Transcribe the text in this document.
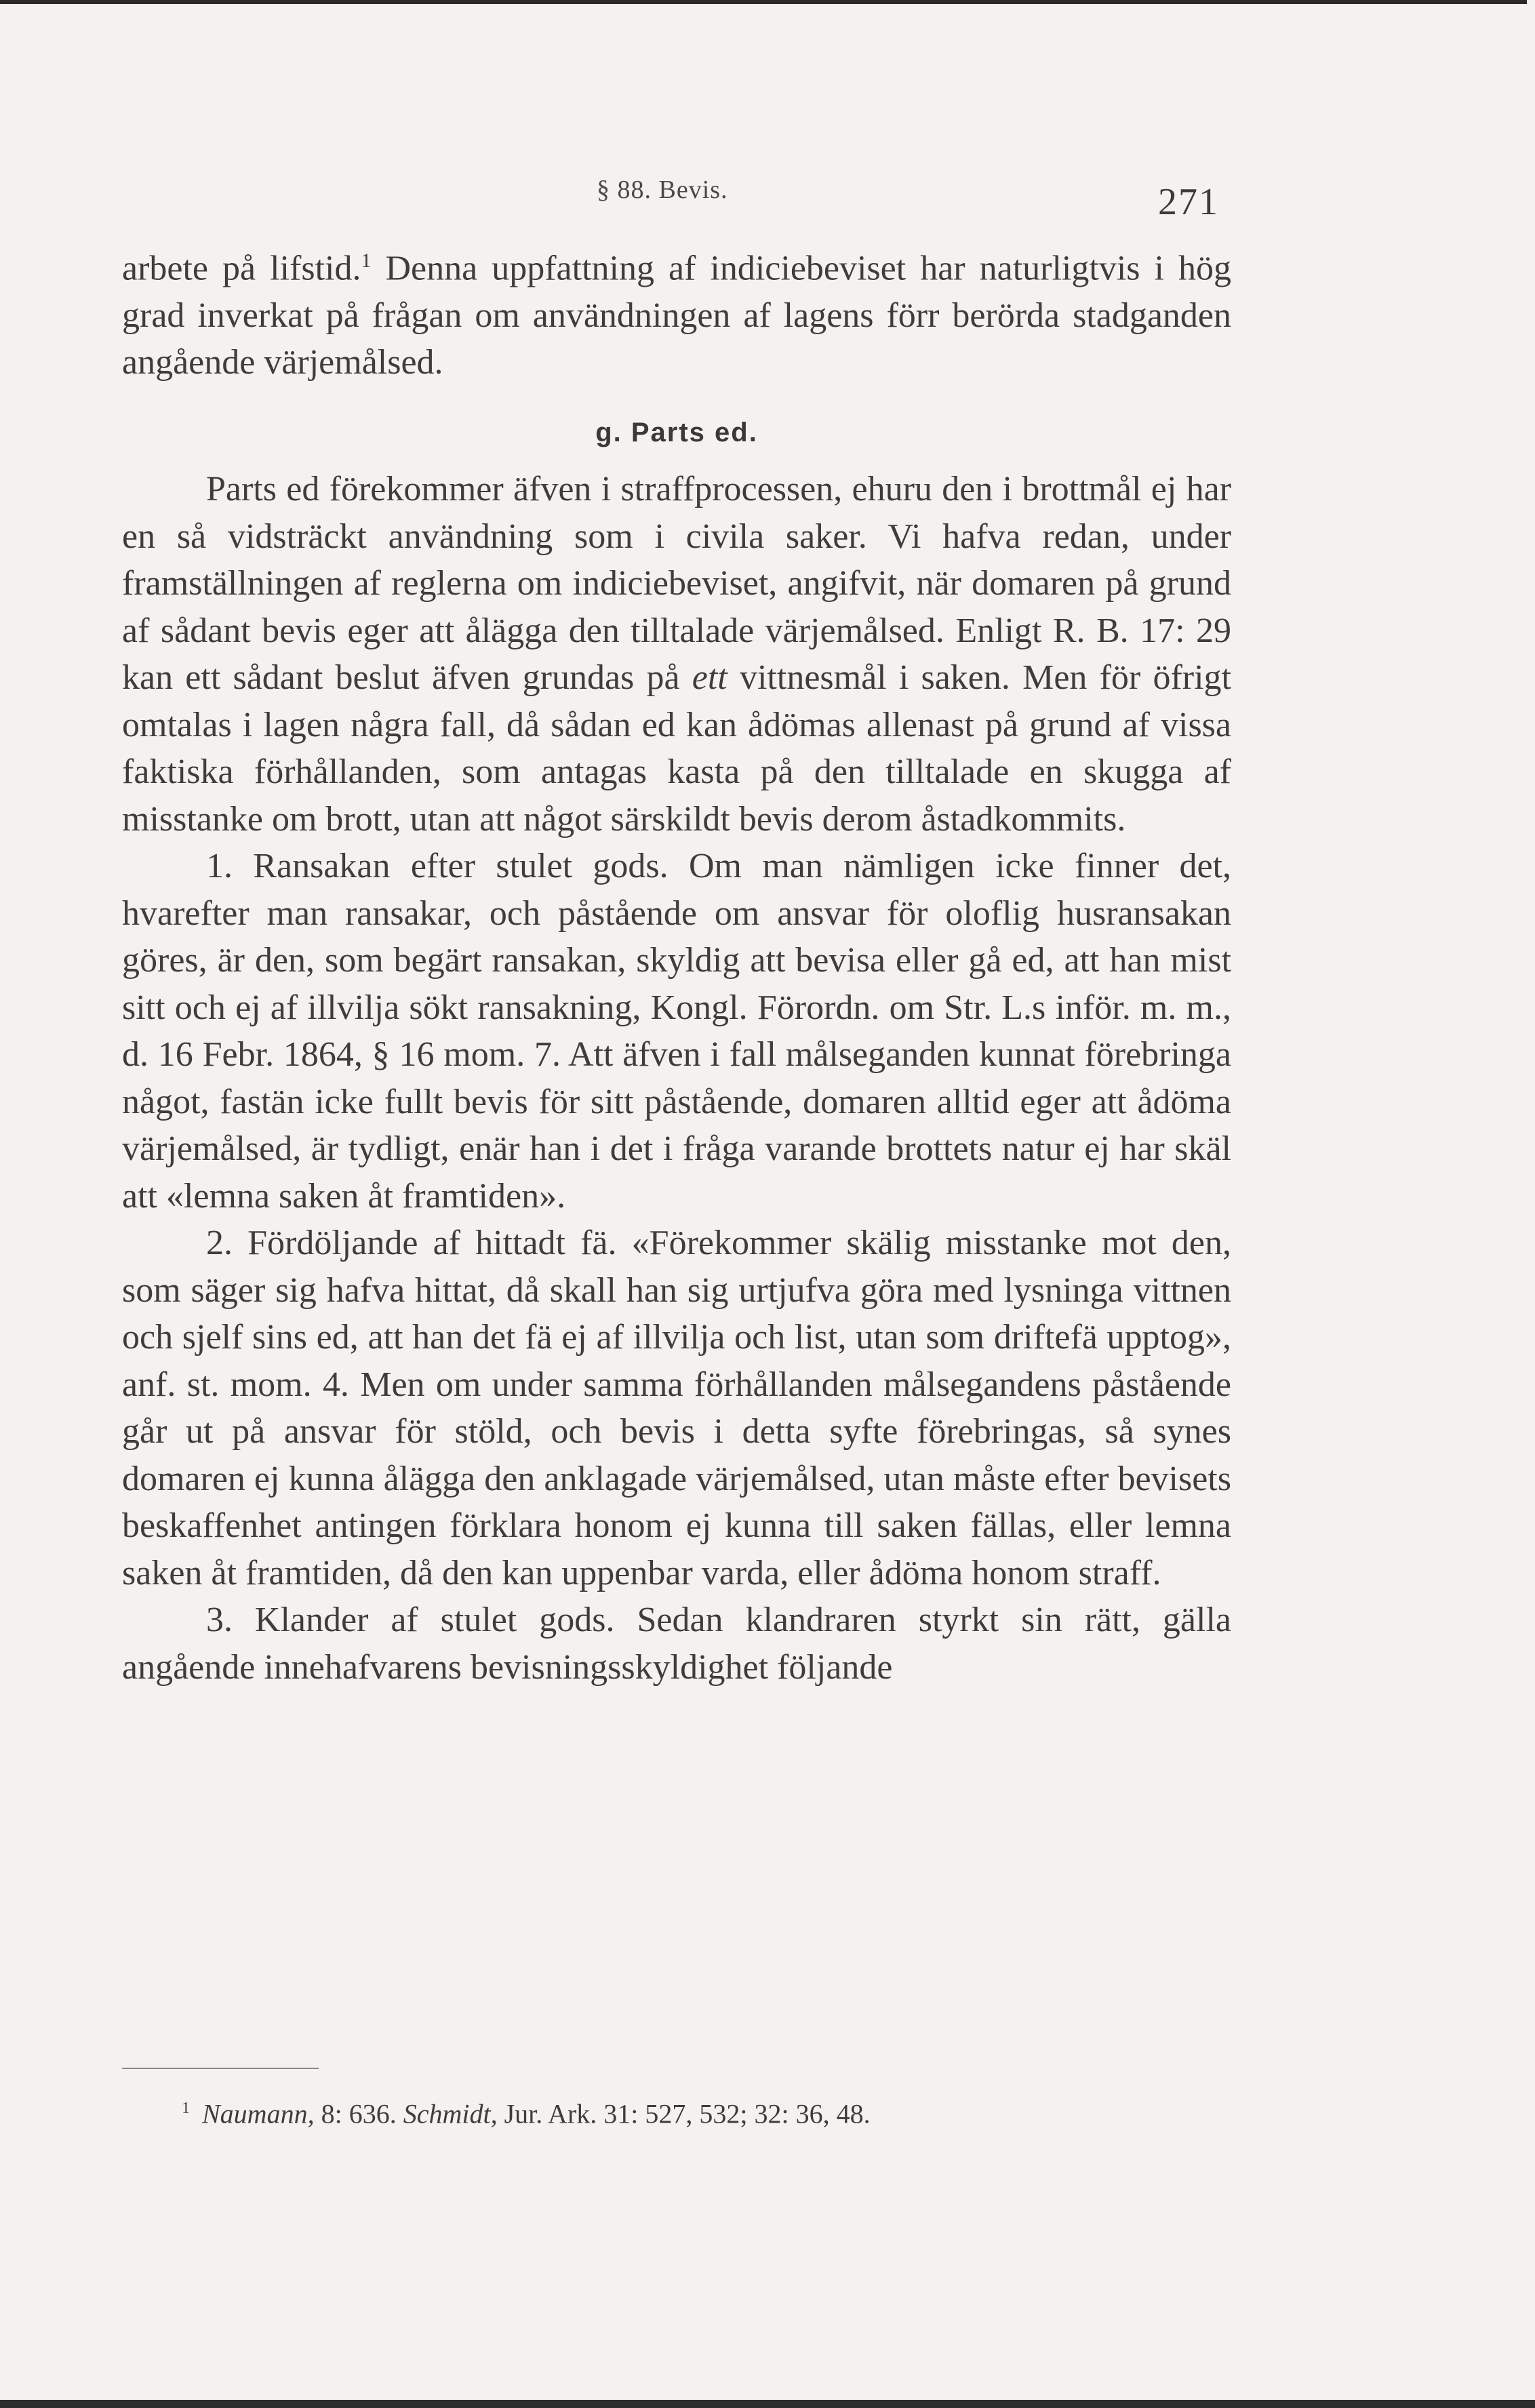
§ 88. Bevis.	271

arbete på lifstid.$^1$ Denna uppfattning af indiciebeviset har naturligtvis i hög grad inverkat på frågan om användningen af lagens förr berörda stadganden angående värjemålsed.

g. Parts ed.

Parts ed förekommer äfven i straffprocessen, ehuru den i brottmål ej har en så vidsträckt användning som i civila saker. Vi hafva redan, under framställningen af reglerna om indiciebeviset, angifvit, när domaren på grund af sådant bevis eger att ålägga den tilltalade värjemålsed. Enligt R. B. 17: 29 kan ett sådant beslut äfven grundas på ett vittnesmål i saken. Men för öfrigt omtalas i lagen några fall, då sådan ed kan ådömas allenast på grund af vissa faktiska förhållanden, som antagas kasta på den tilltalade en skugga af misstanke om brott, utan att något särskildt bevis derom åstadkommits.

1. Ransakan efter stulet gods. Om man nämligen icke finner det, hvarefter man ransakar, och påstående om ansvar för oloflig husransakan göres, är den, som begärt ransakan, skyldig att bevisa eller gå ed, att han mist sitt och ej af illvilja sökt ransakning, Kongl. Förordn. om Str. L.s inför. m. m., d. 16 Febr. 1864, § 16 mom. 7. Att äfven i fall målseganden kunnat förebringa något, fastän icke fullt bevis för sitt påstående, domaren alltid eger att ådöma värjemålsed, är tydligt, enär han i det i fråga varande brottets natur ej har skäl att «lemna saken åt framtiden».

2. Fördöljande af hittadt fä. «Förekommer skälig misstanke mot den, som säger sig hafva hittat, då skall han sig urtjufva göra med lysninga vittnen och sjelf sins ed, att han det fä ej af illvilja och list, utan som driftefä upptog», anf. st. mom. 4. Men om under samma förhållanden målsegandens påstående går ut på ansvar för stöld, och bevis i detta syfte förebringas, så synes domaren ej kunna ålägga den anklagade värjemålsed, utan måste efter bevisets beskaffenhet antingen förklara honom ej kunna till saken fällas, eller lemna saken åt framtiden, då den kan uppenbar varda, eller ådöma honom straff.

3. Klander af stulet gods. Sedan klandraren styrkt sin rätt, gälla angående innehafvarens bevisningsskyldighet följande

$^1$ Naumann, 8: 636. Schmidt, Jur. Ark. 31: 527, 532; 32: 36, 48.
